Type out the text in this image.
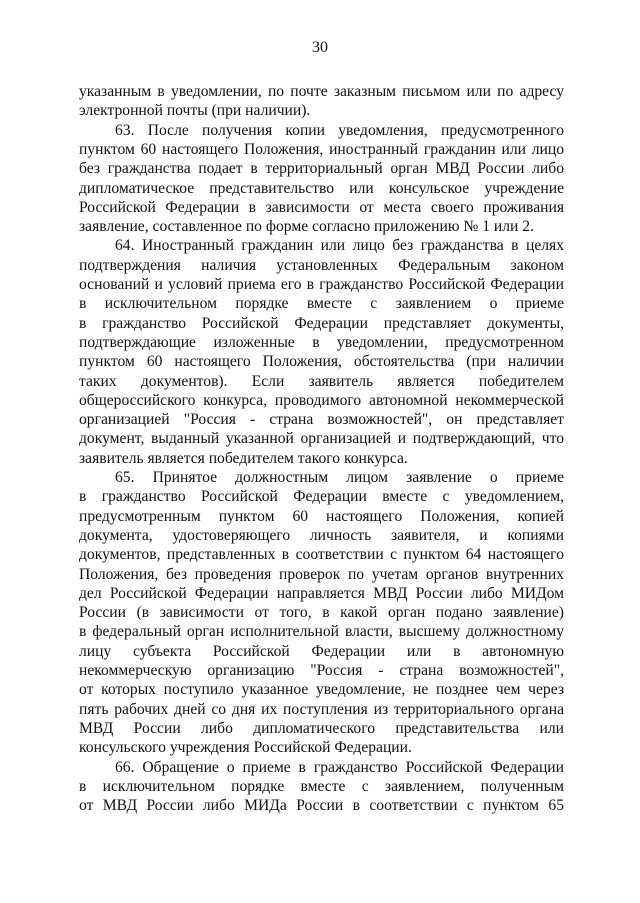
30
указанным в уведомлении, по почте заказным письмом или по адресу
электронной почты (при наличии).
63. После получения копии уведомления, предусмотренного
пунктом 60 настоящего Положения, иностранный гражданин или лицо
без гражданства подает в территориальный орган МВД России либо
дипломатическое представительство или консульское учреждение
Российской Федерации в зависимости от места своего проживания
заявление, составленное по форме согласно приложению № 1 или 2.
64. Иностранный гражданин или лицо без гражданства в целях
подтверждения наличия установленных Федеральным законом
оснований и условий приема его в гражданство Российской Федерации
в исключительном порядке вместе с заявлением о приеме
в гражданство Российской Федерации представляет документы,
подтверждающие изложенные в уведомлении, предусмотренном
пунктом 60 настоящего Положения, обстоятельства (при наличии
таких документов). Если заявитель является победителем
общероссийского конкурса, проводимого автономной некоммерческой
организацией "Россия - страна возможностей", он представляет
документ, выданный указанной организацией и подтверждающий, что
заявитель является победителем такого конкурса.
65. Принятое должностным лицом заявление о приеме
в гражданство Российской Федерации вместе с уведомлением,
предусмотренным пунктом 60 настоящего Положения, копией
документа, удостоверяющего личность заявителя, и копиями
документов, представленных в соответствии с пунктом 64 настоящего
Положения, без проведения проверок по учетам органов внутренних
дел Российской Федерации направляется МВД России либо МИДом
России (в зависимости от того, в какой орган подано заявление)
в федеральный орган исполнительной власти, высшему должностному
лицу субъекта Российской Федерации или в автономную
некоммерческую организацию "Россия - страна возможностей",
от которых поступило указанное уведомление, не позднее чем через
пять рабочих дней со дня их поступления из территориального органа
МВД России либо дипломатического представительства или
консульского учреждения Российской Федерации.
66. Обращение о приеме в гражданство Российской Федерации
в исключительном порядке вместе с заявлением, полученным
от МВД России либо МИДа России в соответствии с пунктом 65
